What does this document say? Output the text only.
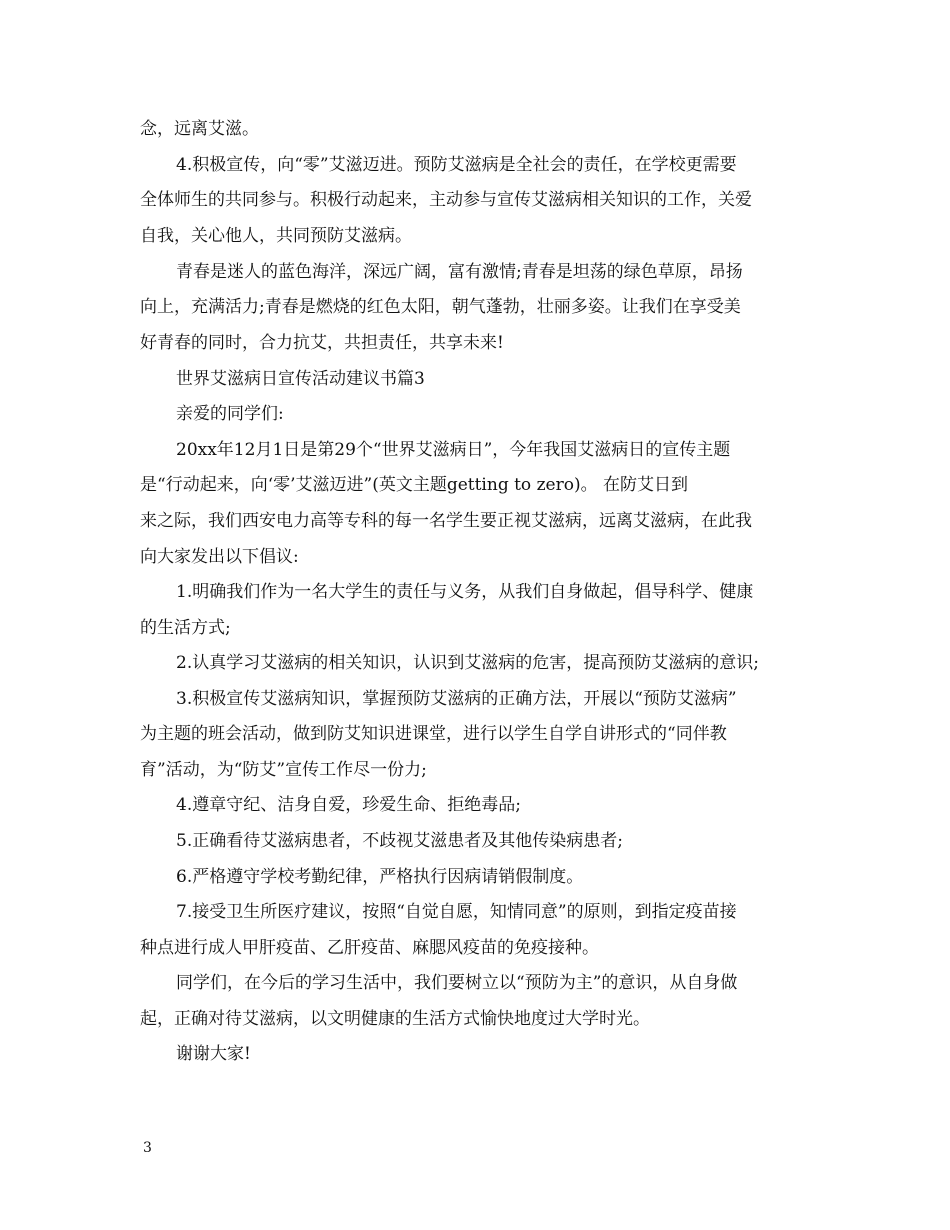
念，远离艾滋。
4.积极宣传，向“零”艾滋迈进。预防艾滋病是全社会的责任，在学校更需要
全体师生的共同参与。积极行动起来，主动参与宣传艾滋病相关知识的工作，关爱
自我，关心他人，共同预防艾滋病。
青春是迷人的蓝色海洋，深远广阔，富有激情;青春是坦荡的绿色草原，昂扬
向上，充满活力;青春是燃烧的红色太阳，朝气蓬勃，壮丽多姿。让我们在享受美
好青春的同时，合力抗艾，共担责任，共享未来!
世界艾滋病日宣传活动建议书篇3
亲爱的同学们:
20xx年12月1日是第29个“世界艾滋病日”，今年我国艾滋病日的宣传主题
是“行动起来，向‘零’艾滋迈进”(英文主题getting to zero)。 在防艾日到
来之际，我们西安电力高等专科的每一名学生要正视艾滋病，远离艾滋病，在此我
向大家发出以下倡议:
1.明确我们作为一名大学生的责任与义务，从我们自身做起，倡导科学、健康
的生活方式;
2.认真学习艾滋病的相关知识，认识到艾滋病的危害，提高预防艾滋病的意识;
3.积极宣传艾滋病知识，掌握预防艾滋病的正确方法，开展以“预防艾滋病”
为主题的班会活动，做到防艾知识进课堂，进行以学生自学自讲形式的“同伴教
育”活动，为“防艾”宣传工作尽一份力;
4.遵章守纪、洁身自爱，珍爱生命、拒绝毒品;
5.正确看待艾滋病患者，不歧视艾滋患者及其他传染病患者;
6.严格遵守学校考勤纪律，严格执行因病请销假制度。
7.接受卫生所医疗建议，按照“自觉自愿，知情同意”的原则，到指定疫苗接
种点进行成人甲肝疫苗、乙肝疫苗、麻腮风疫苗的免疫接种。
同学们，在今后的学习生活中，我们要树立以“预防为主”的意识，从自身做
起，正确对待艾滋病，以文明健康的生活方式愉快地度过大学时光。
谢谢大家!
3
